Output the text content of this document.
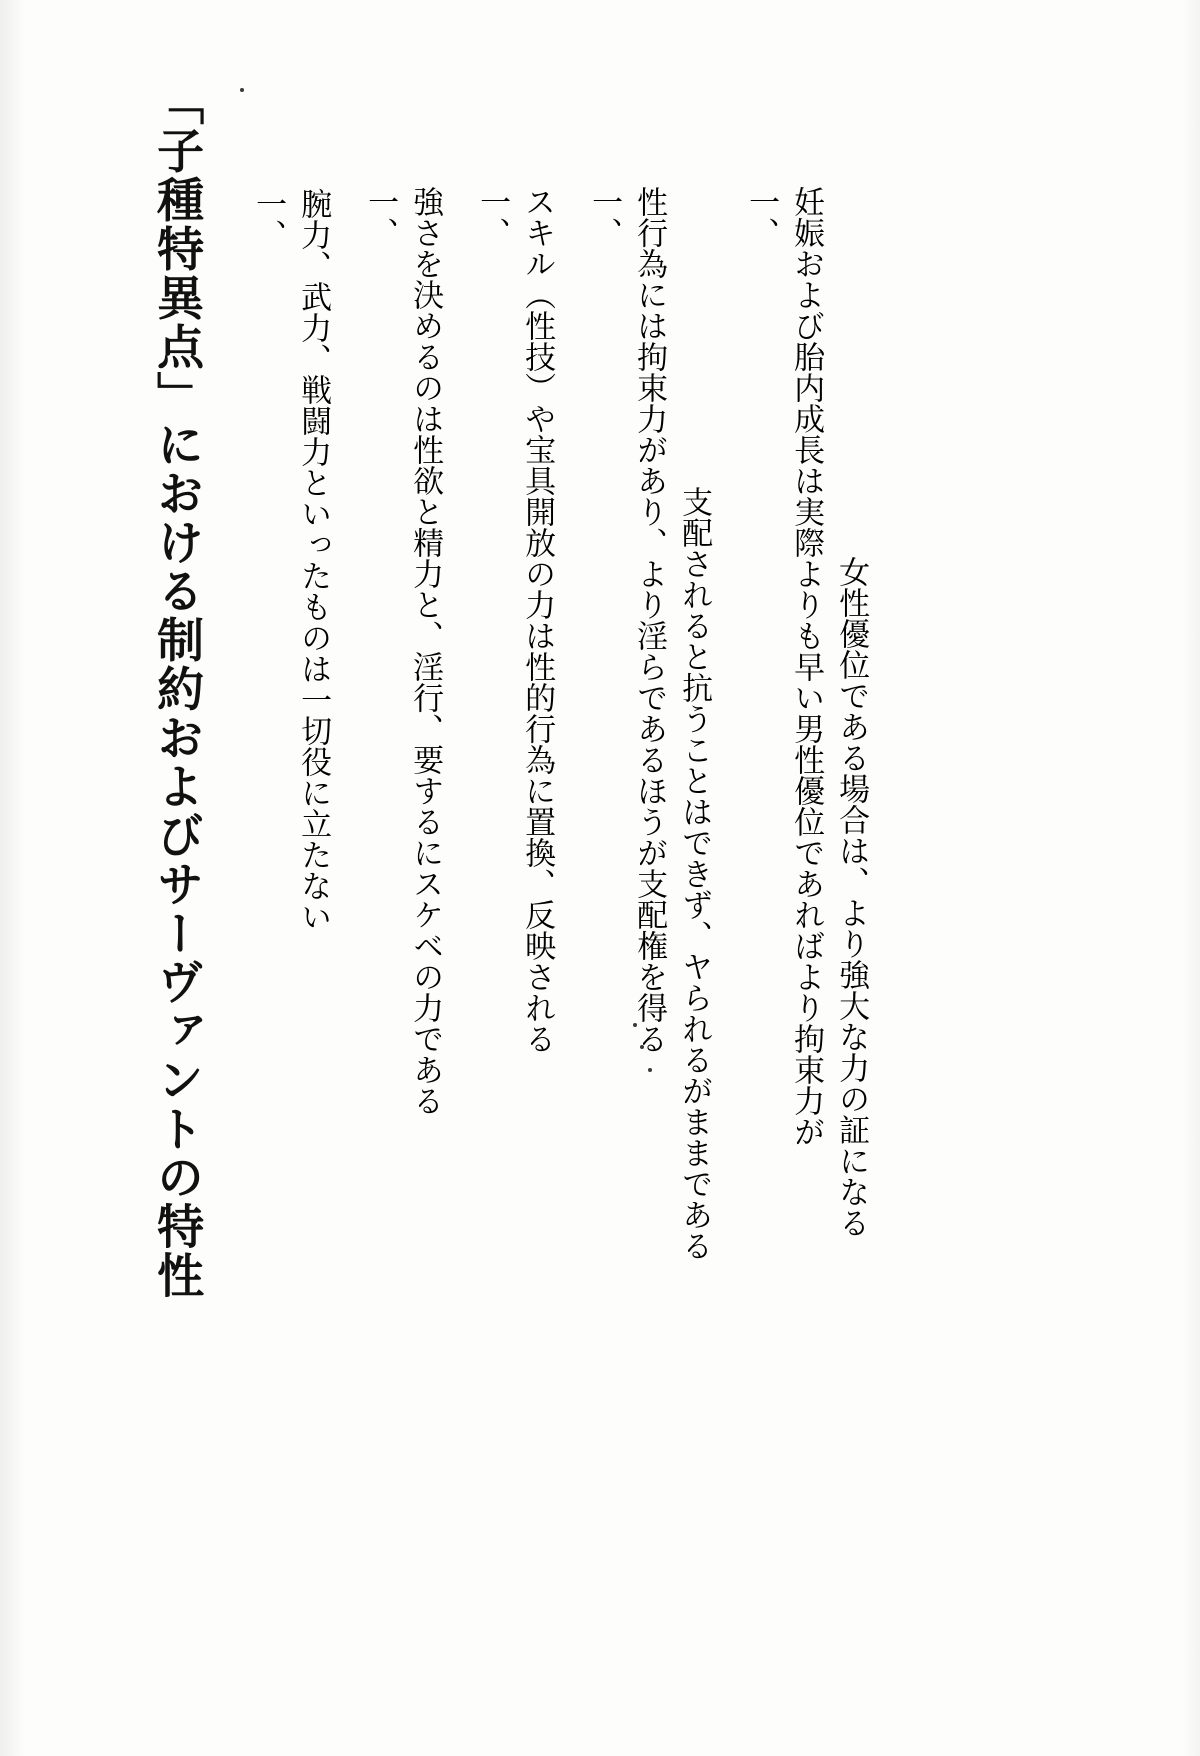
「子種特異点」における制約およびサーヴァントの特性	一、 腕力、武力、戦闘力といったものは一切役に立たない 一、 強さを決めるのは性欲と精力と、淫行、要するにスケベの力である 一、 スキル（性技）や宝具開放の力は性的行為に置換、反映される 一、 性行為には拘束力があり、より淫らであるほうが支配権を得る 支配されると抗うことはできず、ヤられるがままである
一、 妊娠および胎内成長は実際よりも早い男性優位であればより拘束力が 女性優位である場合は、より強大な力の証になる
